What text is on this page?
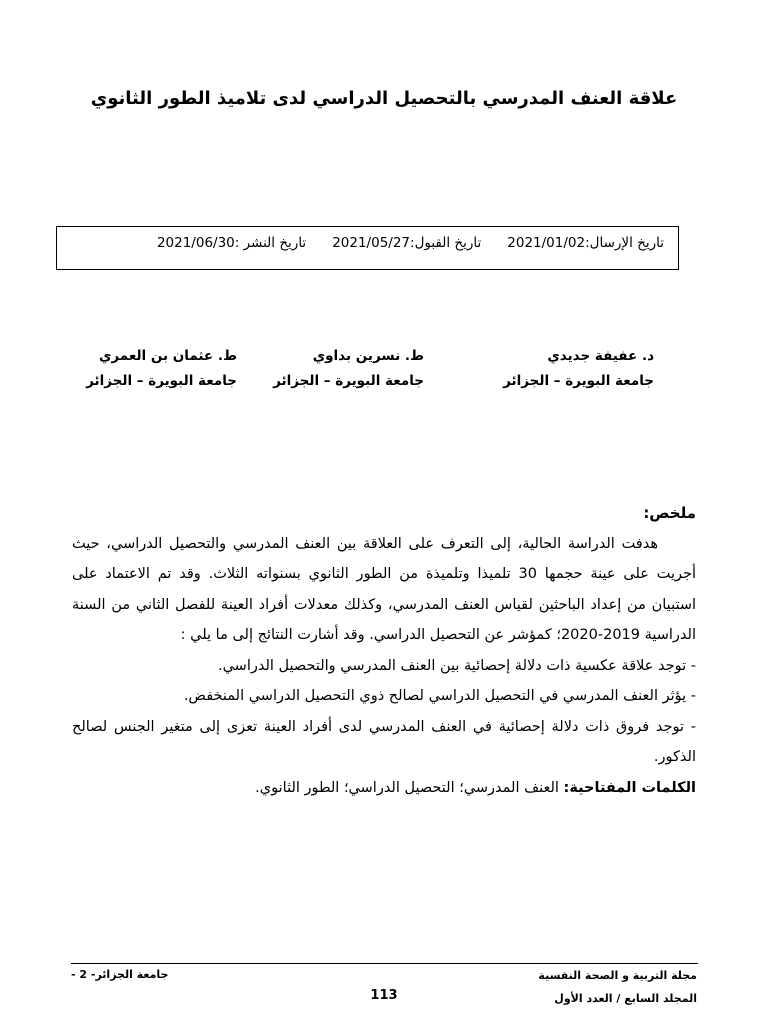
علاقة العنف المدرسي بالتحصيل الدراسي لدى تلاميذ الطور الثانوي
تاريخ الإرسال:2021/01/02
تاريخ القبول:2021/05/27
تاريخ النشر :2021/06/30
د. عفيفة جديدي
جامعة البويرة – الجزائر
ط. نسرين بداوي
جامعة البويرة – الجزائر
ط. عثمان بن العمري
جامعة البويرة – الجزائر
ملخص:

هدفت الدراسة الحالية، إلى التعرف على العلاقة بين العنف المدرسي والتحصيل الدراسي، حيث أجريت على عينة حجمها 30 تلميذا وتلميذة من الطور الثانوي بسنواته الثلاث. وقد تم الاعتماد على استبيان من إعداد الباحثين لقياس العنف المدرسي، وكذلك معدلات أفراد العينة للفصل الثاني من السنة الدراسية 2019-2020؛ كمؤشر عن التحصيل الدراسي. وقد أشارت النتائج إلى ما يلي :

- توجد علاقة عكسية ذات دلالة إحصائية بين العنف المدرسي والتحصيل الدراسي.

- يؤثر العنف المدرسي في التحصيل الدراسي لصالح ذوي التحصيل الدراسي المنخفض.

- توجد فروق ذات دلالة إحصائية في العنف المدرسي لدى أفراد العينة تعزى إلى متغير الجنس لصالح الذكور.

الكلمات المفتاحية: العنف المدرسي؛ التحصيل الدراسي؛ الطور الثانوي.

مجلة التربية و الصحة النفسية
المجلد السابع / العدد الأول
جامعة الجزائر- 2 -
113
